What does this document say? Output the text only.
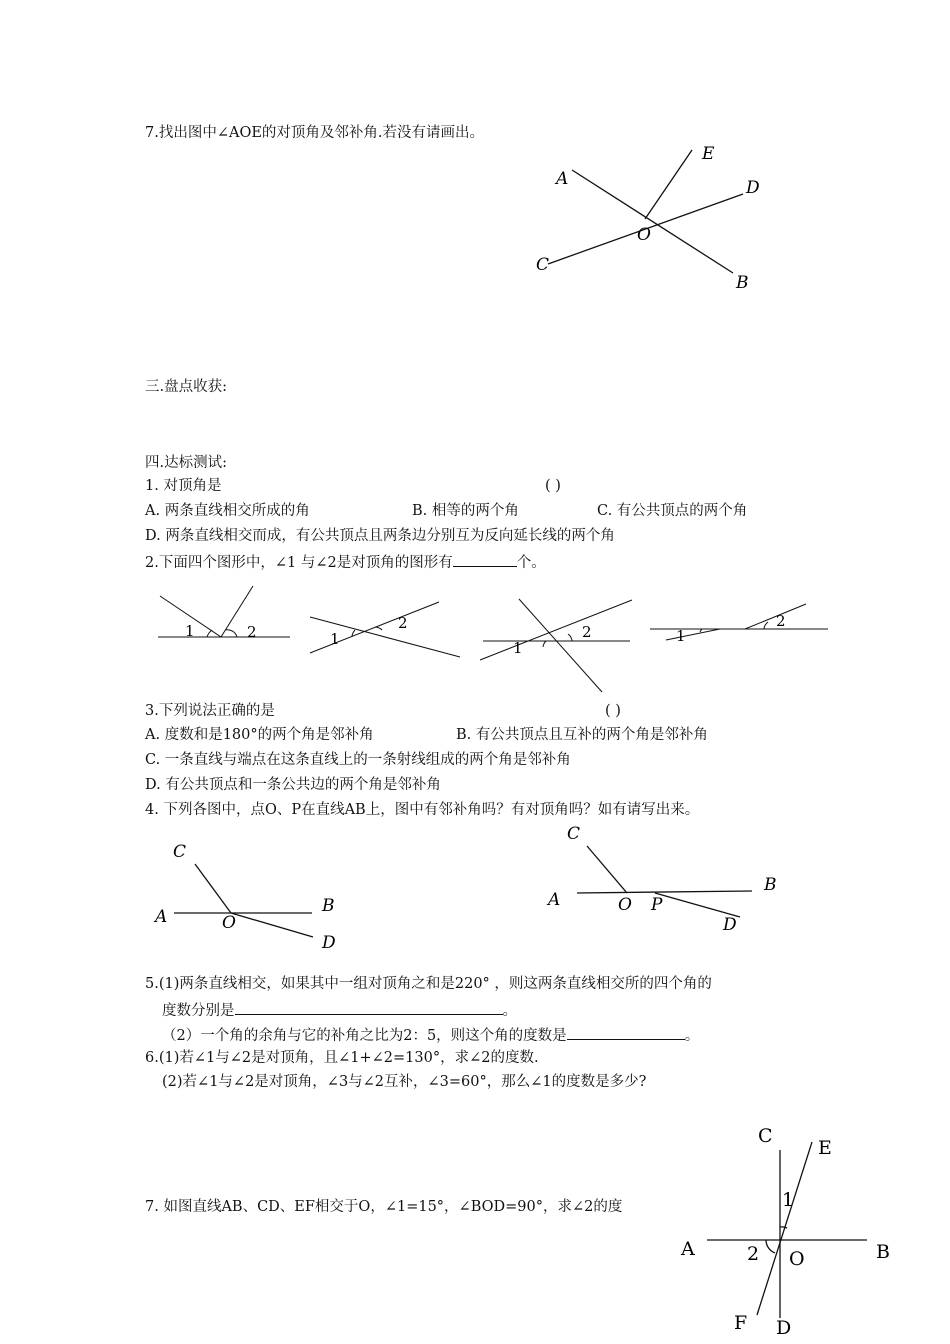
7.找出图中∠AOE的对顶角及邻补角.若没有请画出。
A
E
D
O
C
B
三.盘点收获:
四.达标测试:
1. 对顶角是	( )
A. 两条直线相交所成的角	B. 相等的两个角	C. 有公共顶点的两个角
D. 两条直线相交而成，有公共顶点且两条边分别互为反向延长线的两个角
2.下面四个图形中，∠1 与∠2是对顶角的图形有	个。
1	2	1
2
1
2	1
2
3.下列说法正确的是	( )
A. 度数和是180°的两个角是邻补角	B. 有公共顶点且互补的两个角是邻补角
C. 一条直线与端点在这条直线上的一条射线组成的两个角是邻补角
D. 有公共顶点和一条公共边的两个角是邻补角
4. 下列各图中，点O、P在直线AB上，图中有邻补角吗？有对顶角吗？如有请写出来。
C
A	O
B
D
C
A	O P
B
D
5.(1)两条直线相交，如果其中一组对顶角之和是220° ，则这两条直线相交所的四个角的
度数分别是	。
（2）一个角的余角与它的补角之比为2：5，则这个角的度数是	。
6.(1)若∠1与∠2是对顶角，且∠1+∠2=130°，求∠2的度数.
(2)若∠1与∠2是对顶角，∠3与∠2互补，∠3=60°，那么∠1的度数是多少?
7. 如图直线AB、CD、EF相交于O，∠1=15°，∠BOD=90°，求∠2的度
C
E
1
A	2 O	B
F D
